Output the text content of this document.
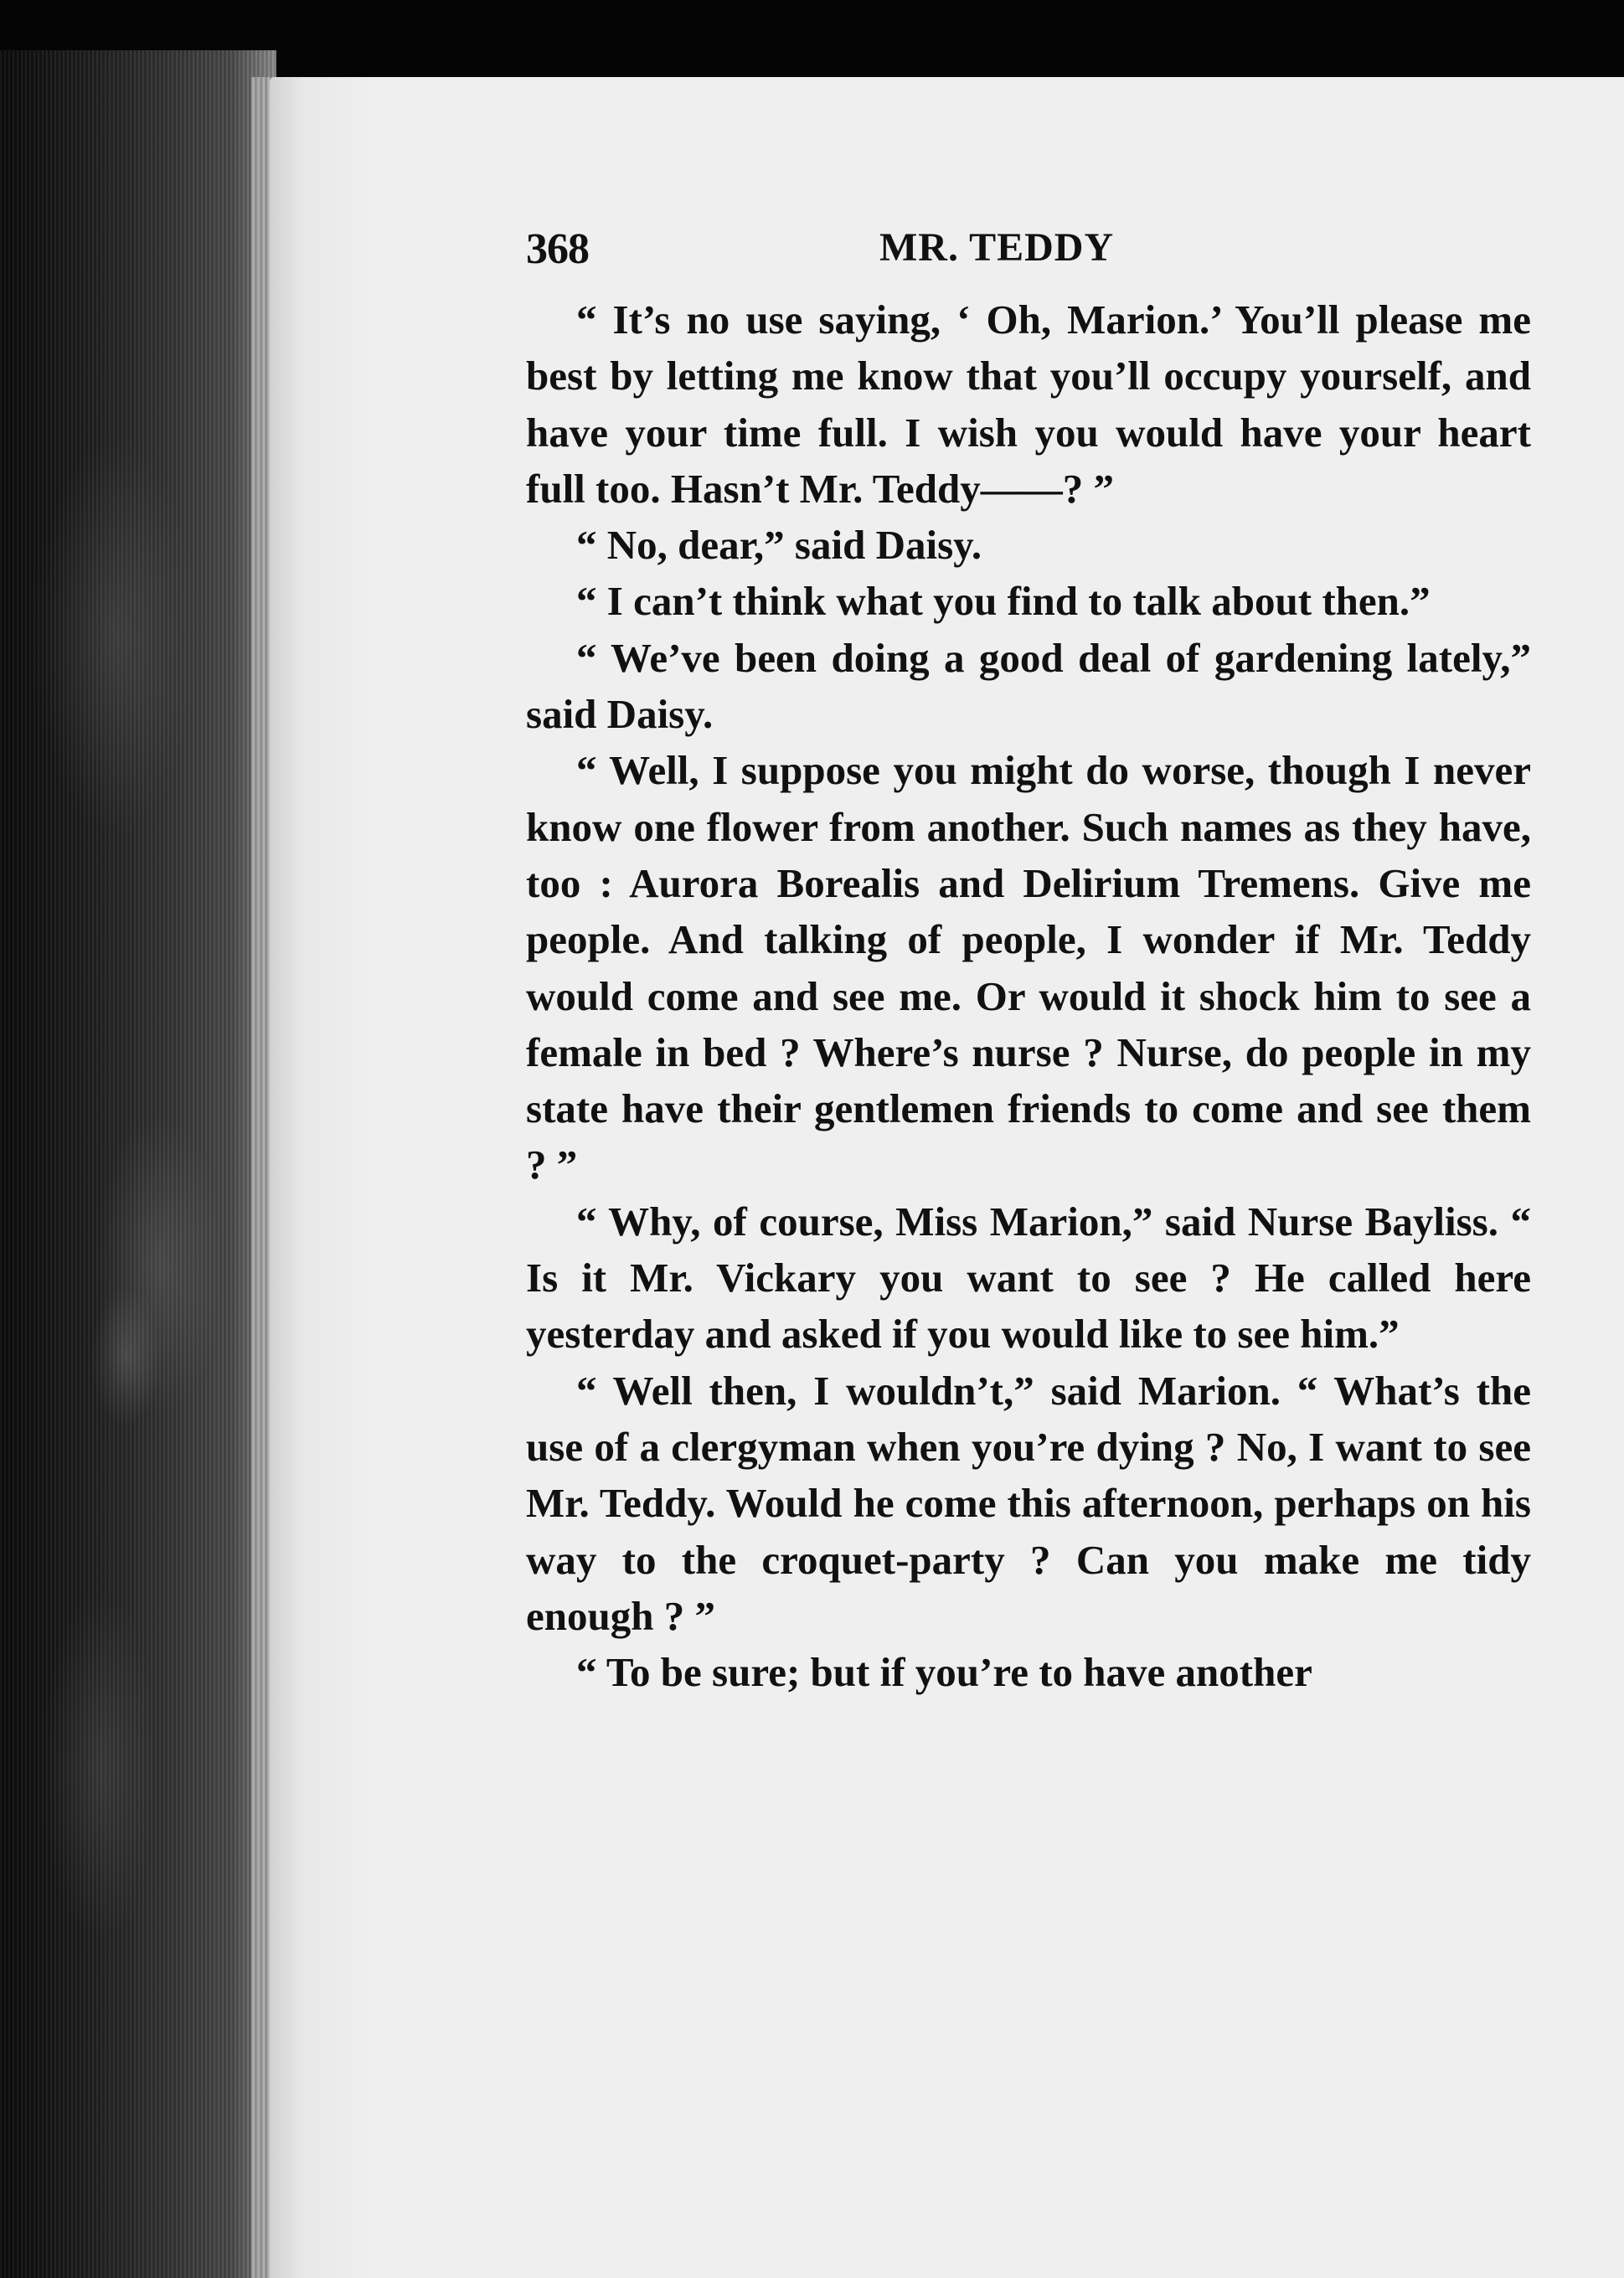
368	MR. TEDDY

“ It’s no use saying, ‘ Oh, Marion.’ You’ll please me best by letting me know that you’ll occupy yourself, and have your time full. I wish you would have your heart full too. Hasn’t Mr. Teddy——? ”

“ No, dear,” said Daisy.

“ I can’t think what you find to talk about then.”

“ We’ve been doing a good deal of gardening lately,” said Daisy.

“ Well, I suppose you might do worse, though I never know one flower from another. Such names as they have, too : Aurora Borealis and Delirium Tremens. Give me people. And talking of people, I wonder if Mr. Teddy would come and see me. Or would it shock him to see a female in bed ? Where’s nurse ? Nurse, do people in my state have their gentlemen friends to come and see them ? ”

“ Why, of course, Miss Marion,” said Nurse Bayliss. “ Is it Mr. Vickary you want to see ? He called here yesterday and asked if you would like to see him.”

“ Well then, I wouldn’t,” said Marion. “ What’s the use of a clergyman when you’re dying ? No, I want to see Mr. Teddy. Would he come this afternoon, perhaps on his way to the croquet-party ? Can you make me tidy enough ? ”

“ To be sure; but if you’re to have another
